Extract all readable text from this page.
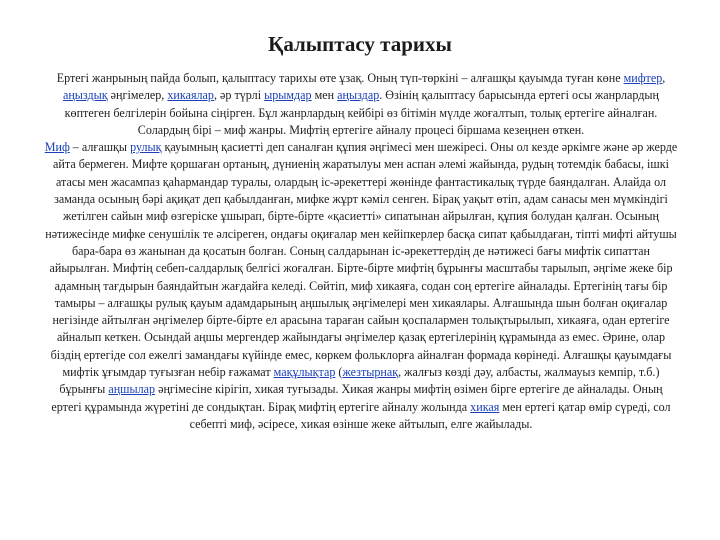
Қалыптасу тарихы

Ертегі жанрының пайда болып, қалыптасу тарихы өте ұзақ. Оның түп-төркіні – алғашқы қауымда туған көне мифтер, аңыздық әңгімелер, хикаялар, әр түрлі ырымдар мен аңыздар. Өзінің қалыптасу барысында ертегі осы жанрлардың көптеген белгілерін бойына сіңірген. Бұл жанрлардың кейбірі өз бітімін мүлде жоғалтып, толық ертегіге айналған. Солардың бірі – миф жанры. Мифтің ертегіге айналу процесі біршама кезеңнен өткен.

Миф – алғашқы рулық қауымның қасиетті деп саналған құпия әңгімесі мен шежіресі. Оны ол кезде әркімге және әр жерде айта бермеген. Мифте қоршаған ортаның, дүниенің жаратылуы мен аспан әлемі жайында, рудың тотемдік бабасы, ішкі атасы мен жасампаз қаһармандар туралы, олардың іс-әрекеттері жөнінде фантастикалық түрде баяндалған. Алайда ол заманда осының бәрі ақиқат деп қабылданған, мифке жұрт кәміл сенген. Бірақ уақыт өтіп, адам санасы мен мүмкіндігі жетілген сайын миф өзгеріске ұшырап, бірте-бірте «қасиетті» сипатынан айрылған, құпия болудан қалған. Осының нәтижесінде мифке сенушілік те әлсіреген, ондағы оқиғалар мен кейіпкерлер басқа сипат қабылдаған, тіпті мифті айтушы бара-бара өз жанынан да қосатын болған. Соның салдарынан іс-әрекеттердің де нәтижесі бағы мифтік сипаттан айырылған. Мифтің себеп-салдарлық белгісі жоғалған. Бірте-бірте мифтің бұрынғы масштабы тарылып, әңгіме жеке бір адамның тағдырын баяндайтын жағдайға келеді. Сөйтіп, миф хикаяға, содан соң ертегіге айналады. Ертегінің тағы бір тамыры – алғашқы рулық қауым адамдарының аңшылық әңгімелері мен хикаялары. Алғашында шын болған оқиғалар негізінде айтылған әңгімелер бірте-бірте ел арасына тараған сайын қоспалармен толықтырылып, хикаяға, одан ертегіге айналып кеткен. Осындай аңшы мергендер жайындағы әңгімелер қазақ ертегілерінің құрамында аз емес. Әрине, олар біздің ертегіде сол ежелгі замандағы күйінде емес, көркем фольклорға айналған формада көрінеді. Алғашқы қауымдағы мифтік ұғымдар туғызған небір ғажамат мақұлықтар (жезтырнақ, жалғыз көзді дәу, албасты, жалмауыз кемпір, т.б.) бұрынғы аңшылар әңгімесіне кірігіп, хикая туғызады. Хикая жанры мифтің өзімен бірге ертегіге де айналады. Оның ертегі құрамында жүретіні де сондықтан. Бірақ мифтің ертегіге айналу жолында хикая мен ертегі қатар өмір сүреді, сол себепті миф, әсіресе, хикая өзінше жеке айтылып, елге жайылады.
